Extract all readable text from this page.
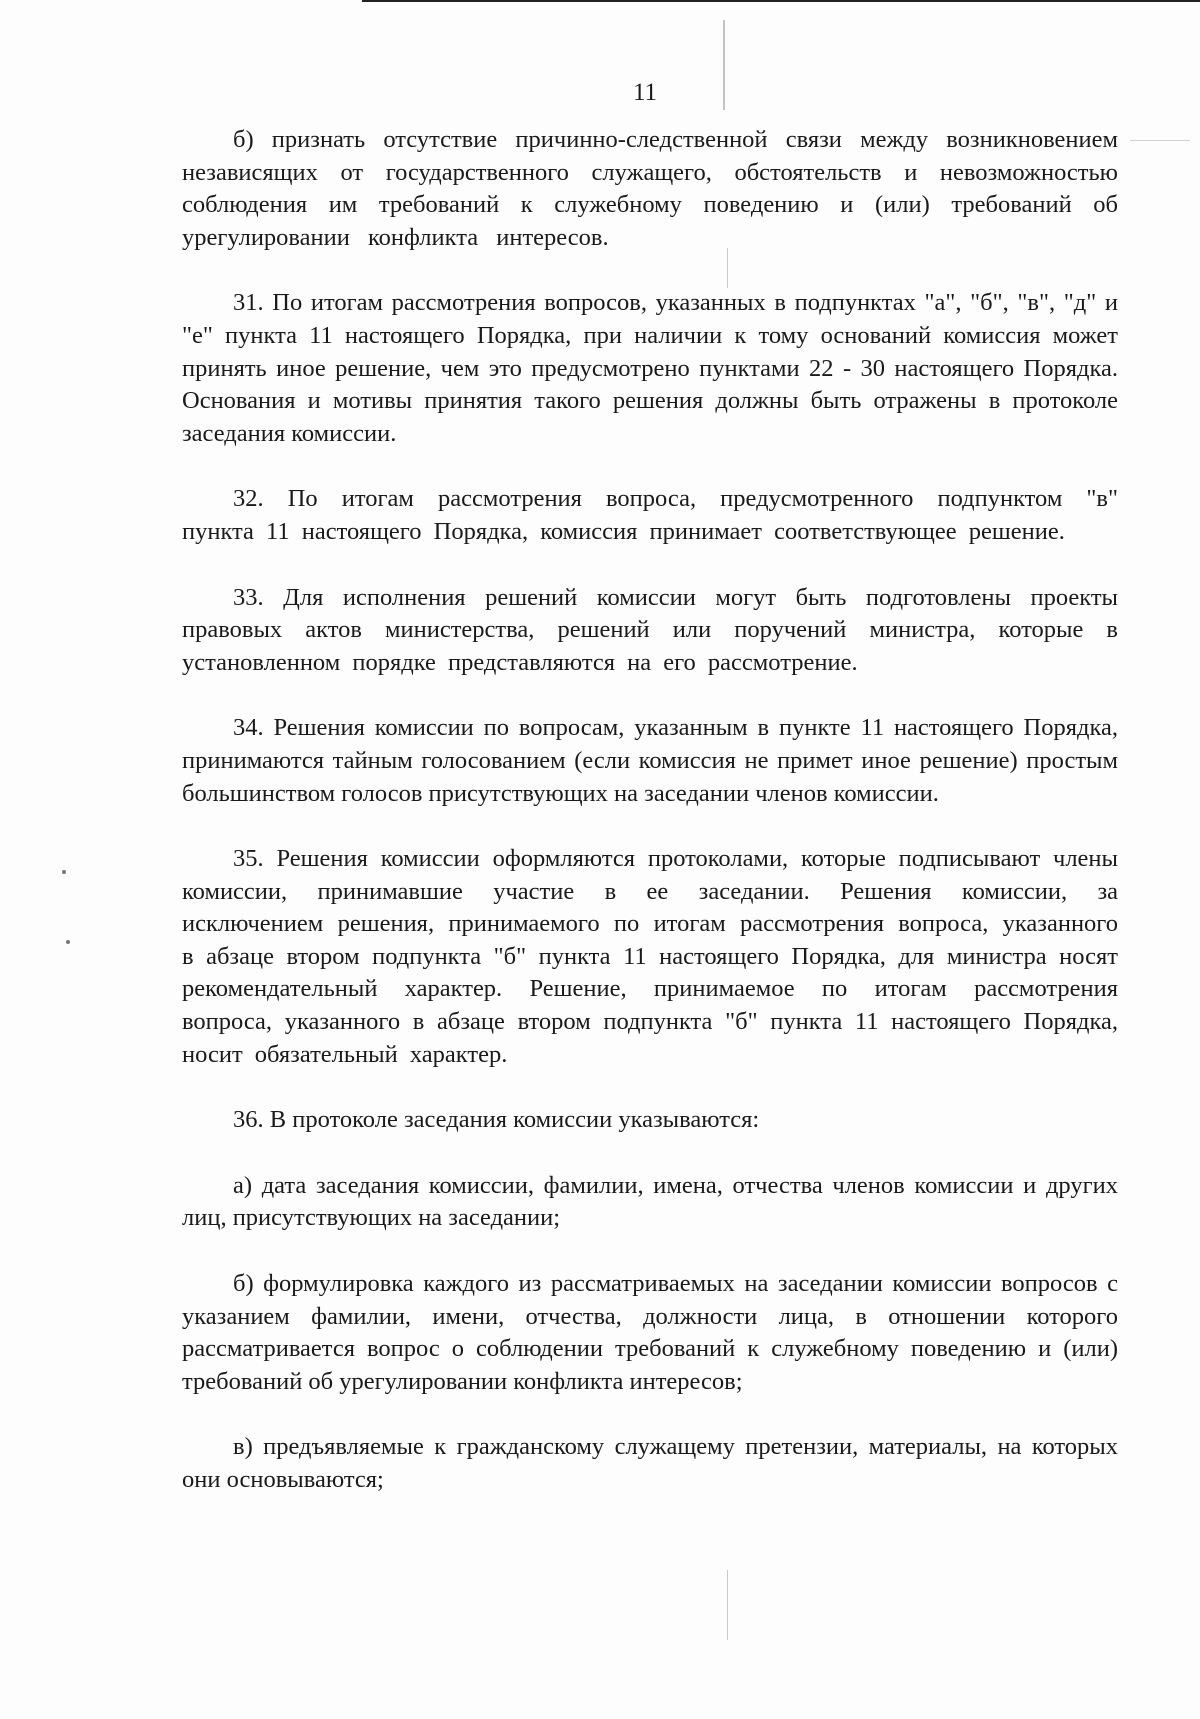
11

б) признать отсутствие причинно-следственной связи между возникновением независящих от государственного служащего, обстоятельств и невозможностью соблюдения им требований к служебному поведению и (или) требований об урегулировании конфликта интересов.

31. По итогам рассмотрения вопросов, указанных в подпунктах "а", "б", "в", "д" и "е" пункта 11 настоящего Порядка, при наличии к тому оснований комиссия может принять иное решение, чем это предусмотрено пунктами 22 - 30 настоящего Порядка. Основания и мотивы принятия такого решения должны быть отражены в протоколе заседания комиссии.

32. По итогам рассмотрения вопроса, предусмотренного подпунктом "в" пункта 11 настоящего Порядка, комиссия принимает соответствующее решение.

33. Для исполнения решений комиссии могут быть подготовлены проекты правовых актов министерства, решений или поручений министра, которые в установленном порядке представляются на его рассмотрение.

34. Решения комиссии по вопросам, указанным в пункте 11 настоящего Порядка, принимаются тайным голосованием (если комиссия не примет иное решение) простым большинством голосов присутствующих на заседании членов комиссии.

35. Решения комиссии оформляются протоколами, которые подписывают члены комиссии, принимавшие участие в ее заседании. Решения комиссии, за исключением решения, принимаемого по итогам рассмотрения вопроса, указанного в абзаце втором подпункта "б" пункта 11 настоящего Порядка, для министра носят рекомендательный характер. Решение, принимаемое по итогам рассмотрения вопроса, указанного в абзаце втором подпункта "б" пункта 11 настоящего Порядка, носит обязательный характер.

36. В протоколе заседания комиссии указываются:

а) дата заседания комиссии, фамилии, имена, отчества членов комиссии и других лиц, присутствующих на заседании;

б) формулировка каждого из рассматриваемых на заседании комиссии вопросов с указанием фамилии, имени, отчества, должности лица, в отношении которого рассматривается вопрос о соблюдении требований к служебному поведению и (или) требований об урегулировании конфликта интересов;

в) предъявляемые к гражданскому служащему претензии, материалы, на которых они основываются;
